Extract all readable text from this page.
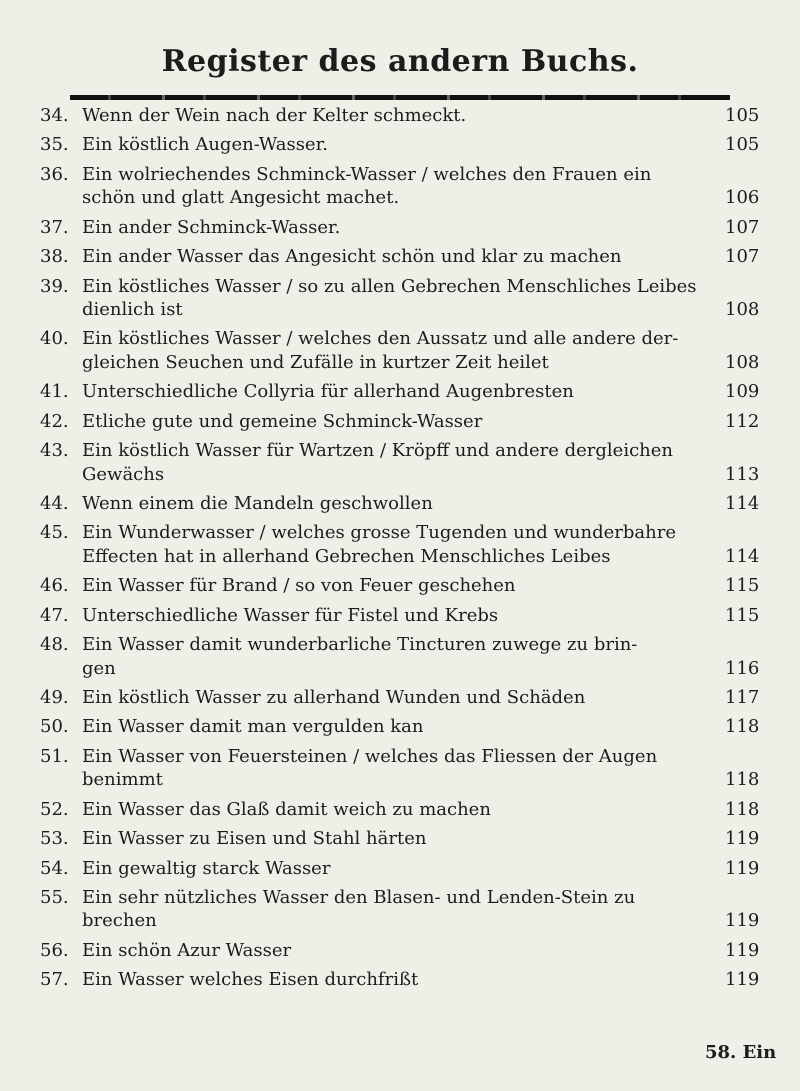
Register des andern Buchs.
34. Wenn der Wein nach der Kelter schmeckt.	105
35. Ein köstlich Augen-Wasser.	105
36. Ein wolriechendes Schminck-Wasser / welches den Frauen ein
schön und glatt Angesicht machet.	106
37. Ein ander Schminck-Wasser.	107
38. Ein ander Wasser das Angesicht schön und klar zu machen	107
39. Ein köstliches Wasser / so zu allen Gebrechen Menschliches Leibes
dienlich ist	108
40. Ein köstliches Wasser / welches den Aussatz und alle andere der-
gleichen Seuchen und Zufälle in kurtzer Zeit heilet	108
41. Unterschiedliche Collyria für allerhand Augenbresten	109
42. Etliche gute und gemeine Schminck-Wasser	112
43. Ein köstlich Wasser für Wartzen / Kröpff und andere dergleichen
Gewächs	113
44. Wenn einem die Mandeln geschwollen	114
45. Ein Wunderwasser / welches grosse Tugenden und wunderbahre
Effecten hat in allerhand Gebrechen Menschliches Leibes	114
46. Ein Wasser für Brand / so von Feuer geschehen	115
47. Unterschiedliche Wasser für Fistel und Krebs	115
48. Ein Wasser damit wunderbarliche Tincturen zuwege zu brin-
gen	116
49. Ein köstlich Wasser zu allerhand Wunden und Schäden	117
50. Ein Wasser damit man vergulden kan	118
51. Ein Wasser von Feuersteinen / welches das Fliessen der Augen
benimmt	118
52. Ein Wasser das Glaß damit weich zu machen	118
53. Ein Wasser zu Eisen und Stahl härten	119
54. Ein gewaltig starck Wasser	119
55. Ein sehr nützliches Wasser den Blasen- und Lenden-Stein zu
brechen	119
56. Ein schön Azur Wasser	119
57. Ein Wasser welches Eisen durchfrißt	119
58. Ein
